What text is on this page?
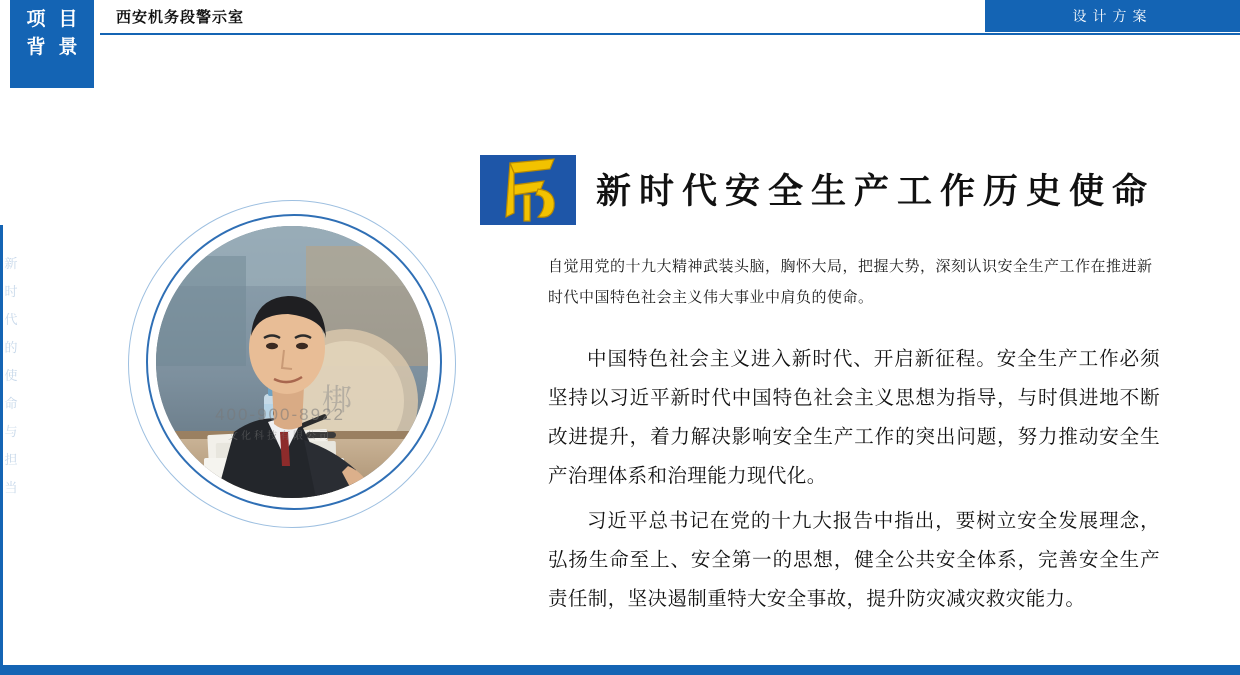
西安机务段警示室
项
背
目
景
设计方案
新
时
代
的
使
命
与
担
当
梆
400-900-8922
文化科技有限公司
新时代安全生产工作历史使命
自觉用党的十九大精神武装头脑，胸怀大局，把握大势，深刻认识安全生产工作在推进新时代中国特色社会主义伟大事业中肩负的使命。

中国特色社会主义进入新时代、开启新征程。安全生产工作必须坚持以习近平新时代中国特色社会主义思想为指导，与时俱进地不断改进提升，着力解决影响安全生产工作的突出问题，努力推动安全生产治理体系和治理能力现代化。

习近平总书记在党的十九大报告中指出，要树立安全发展理念，弘扬生命至上、安全第一的思想，健全公共安全体系，完善安全生产责任制，坚决遏制重特大安全事故，提升防灾减灾救灾能力。
